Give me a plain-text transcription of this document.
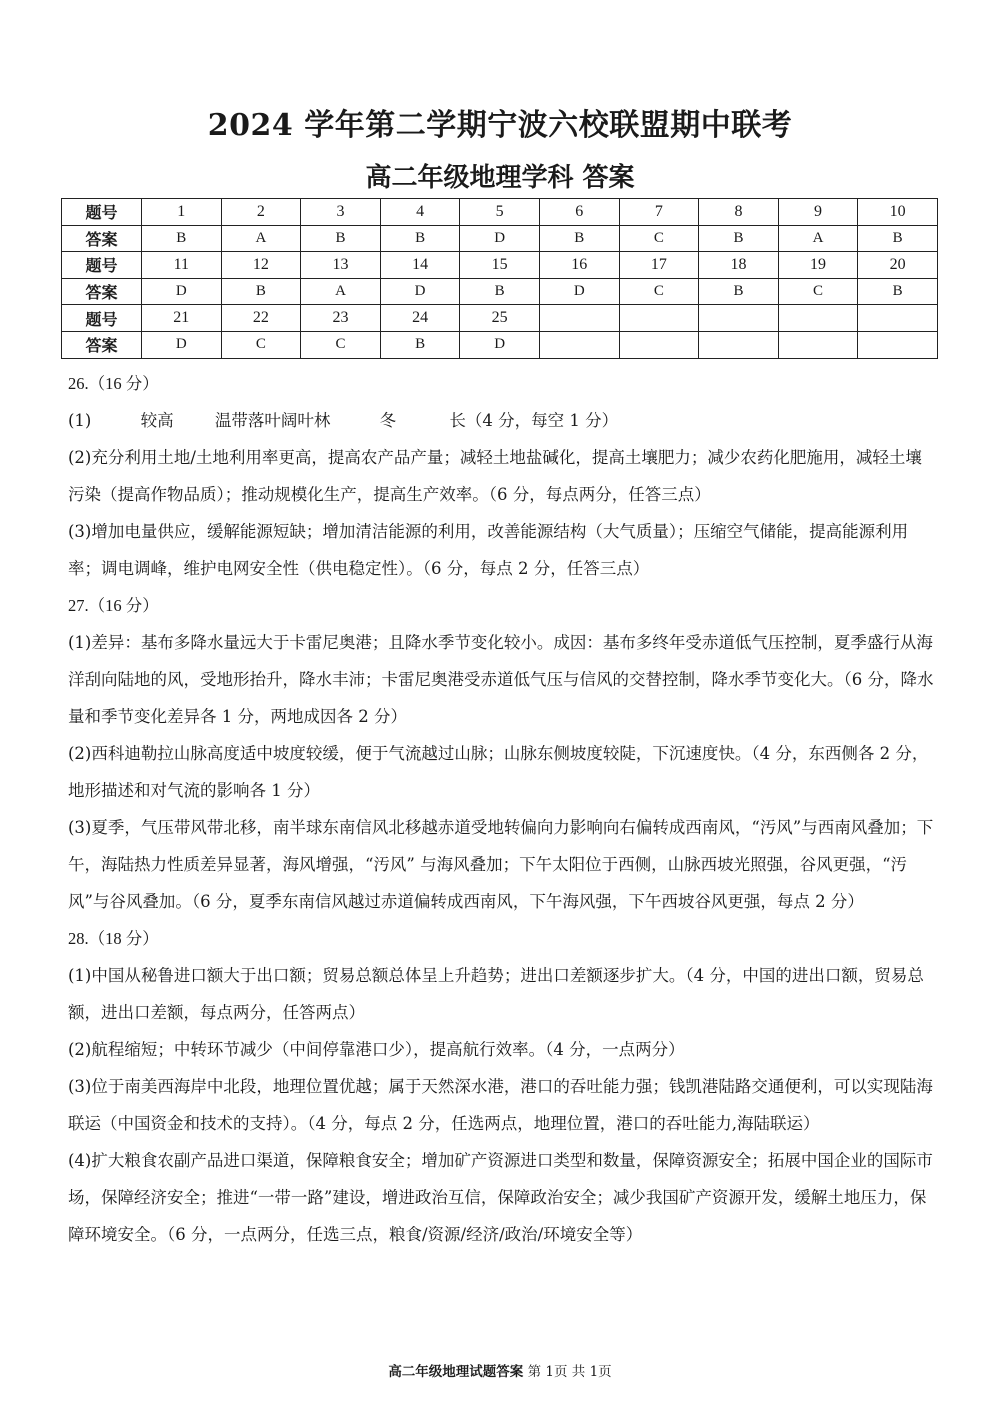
2024 学年第二学期宁波六校联盟期中联考
高二年级地理学科 答案
题号	1	2	3	4	5	6	7	8	9	10
答案	B	A	B	B	D	B	C	B	A	B
题号	11	12	13	14	15	16	17	18	19	20
答案	D	B	A	D	B	D	C	B	C	B
题号	21	22	23	24	25					
答案	D	C	C	B	D					

26.（16 分）

(1)	较高	温带落叶阔叶林	冬	长（4 分，每空 1 分）

(2)充分利用土地/土地利用率更高，提高农产品产量；减轻土地盐碱化，提高土壤肥力；减少农药化肥施用，减轻土壤污染（提高作物品质）；推动规模化生产，提高生产效率。（6 分，每点两分，任答三点）

(3)增加电量供应，缓解能源短缺；增加清洁能源的利用，改善能源结构（大气质量）；压缩空气储能，提高能源利用率；调电调峰，维护电网安全性（供电稳定性）。（6 分，每点 2 分，任答三点）

27.（16 分）

(1)差异：基布多降水量远大于卡雷尼奥港；且降水季节变化较小。成因：基布多终年受赤道低气压控制，夏季盛行从海洋刮向陆地的风，受地形抬升，降水丰沛；卡雷尼奥港受赤道低气压与信风的交替控制，降水季节变化大。（6 分，降水量和季节变化差异各 1 分，两地成因各 2 分）

(2)西科迪勒拉山脉高度适中坡度较缓，便于气流越过山脉；山脉东侧坡度较陡，下沉速度快。（4 分，东西侧各 2 分，地形描述和对气流的影响各 1 分）

(3)夏季，气压带风带北移，南半球东南信风北移越赤道受地转偏向力影响向右偏转成西南风，“汚风”与西南风叠加；下午，海陆热力性质差异显著，海风增强，“汚风” 与海风叠加；下午太阳位于西侧，山脉西坡光照强，谷风更强，“汚风”与谷风叠加。（6 分，夏季东南信风越过赤道偏转成西南风，下午海风强，下午西坡谷风更强，每点 2 分）

28.（18 分）

(1)中国从秘鲁进口额大于出口额；贸易总额总体呈上升趋势；进出口差额逐步扩大。（4 分，中国的进出口额，贸易总额，进出口差额，每点两分，任答两点）

(2)航程缩短；中转环节减少（中间停靠港口少），提高航行效率。（4 分，一点两分）

(3)位于南美西海岸中北段，地理位置优越；属于天然深水港，港口的吞吐能力强；钱凯港陆路交通便利，可以实现陆海联运（中国资金和技术的支持）。（4 分，每点 2 分，任选两点，地理位置，港口的吞吐能力,海陆联运）

(4)扩大粮食农副产品进口渠道，保障粮食安全；增加矿产资源进口类型和数量，保障资源安全；拓展中国企业的国际市场，保障经济安全；推进“一带一路”建设，增进政治互信，保障政治安全；减少我国矿产资源开发，缓解土地压力，保障环境安全。（6 分，一点两分，任选三点，粮食/资源/经济/政治/环境安全等）

高二年级地理试题答案 第 1页 共 1页
